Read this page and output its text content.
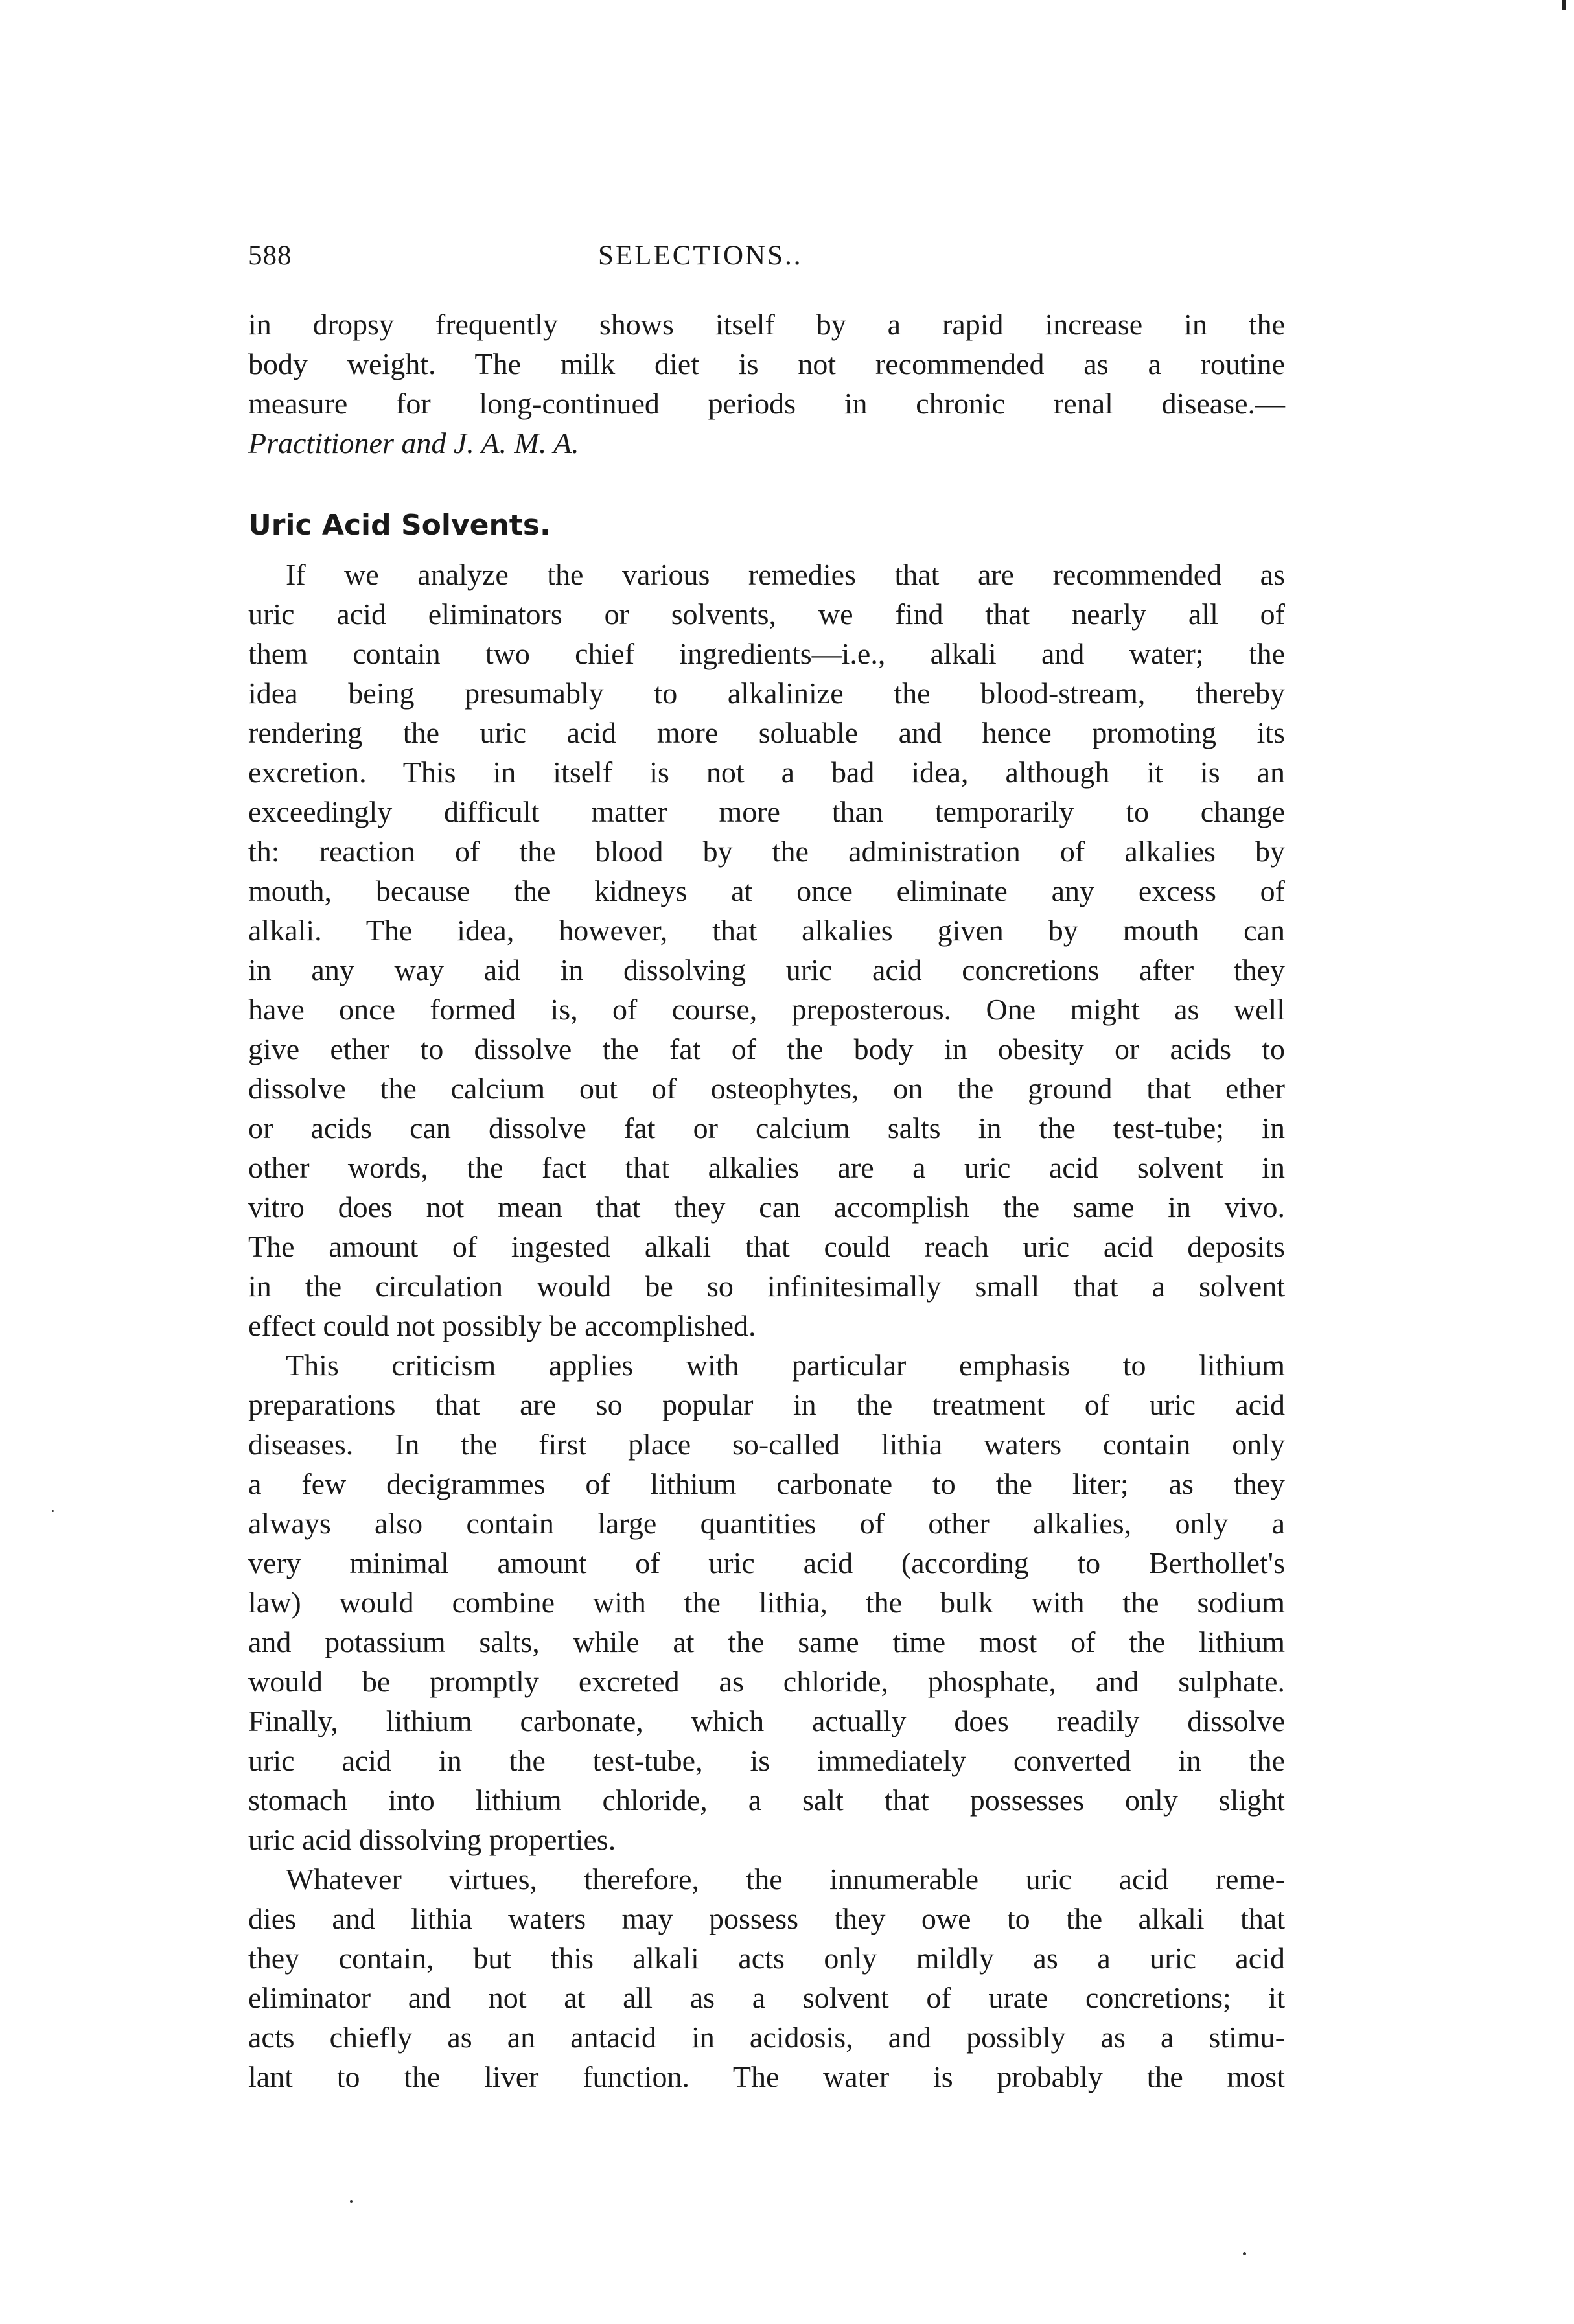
588	SELECTIONS..
in dropsy frequently shows itself by a rapid increase in the
body weight. The milk diet is not recommended as a routine
measure for long-continued periods in chronic renal disease.—
Practitioner and J. A. M. A.
Uric Acid Solvents.
If we analyze the various remedies that are recommended as
uric acid eliminators or solvents, we find that nearly all of
them contain two chief ingredients—i.e., alkali and water; the
idea being presumably to alkalinize the blood-stream, thereby
rendering the uric acid more soluable and hence promoting its
excretion. This in itself is not a bad idea, although it is an
exceedingly difficult matter more than temporarily to change
th: reaction of the blood by the administration of alkalies by
mouth, because the kidneys at once eliminate any excess of
alkali. The idea, however, that alkalies given by mouth can
in any way aid in dissolving uric acid concretions after they
have once formed is, of course, preposterous. One might as well
give ether to dissolve the fat of the body in obesity or acids to
dissolve the calcium out of osteophytes, on the ground that ether
or acids can dissolve fat or calcium salts in the test-tube; in
other words, the fact that alkalies are a uric acid solvent in
vitro does not mean that they can accomplish the same in vivo.
The amount of ingested alkali that could reach uric acid deposits
in the circulation would be so infinitesimally small that a solvent
effect could not possibly be accomplished.
This criticism applies with particular emphasis to lithium
preparations that are so popular in the treatment of uric acid
diseases. In the first place so-called lithia waters contain only
a few decigrammes of lithium carbonate to the liter; as they
always also contain large quantities of other alkalies, only a
very minimal amount of uric acid (according to Berthollet's
law) would combine with the lithia, the bulk with the sodium
and potassium salts, while at the same time most of the lithium
would be promptly excreted as chloride, phosphate, and sulphate.
Finally, lithium carbonate, which actually does readily dissolve
uric acid in the test-tube, is immediately converted in the
stomach into lithium chloride, a salt that possesses only slight
uric acid dissolving properties.
Whatever virtues, therefore, the innumerable uric acid reme-
dies and lithia waters may possess they owe to the alkali that
they contain, but this alkali acts only mildly as a uric acid
eliminator and not at all as a solvent of urate concretions; it
acts chiefly as an antacid in acidosis, and possibly as a stimu-
lant to the liver function. The water is probably the most
